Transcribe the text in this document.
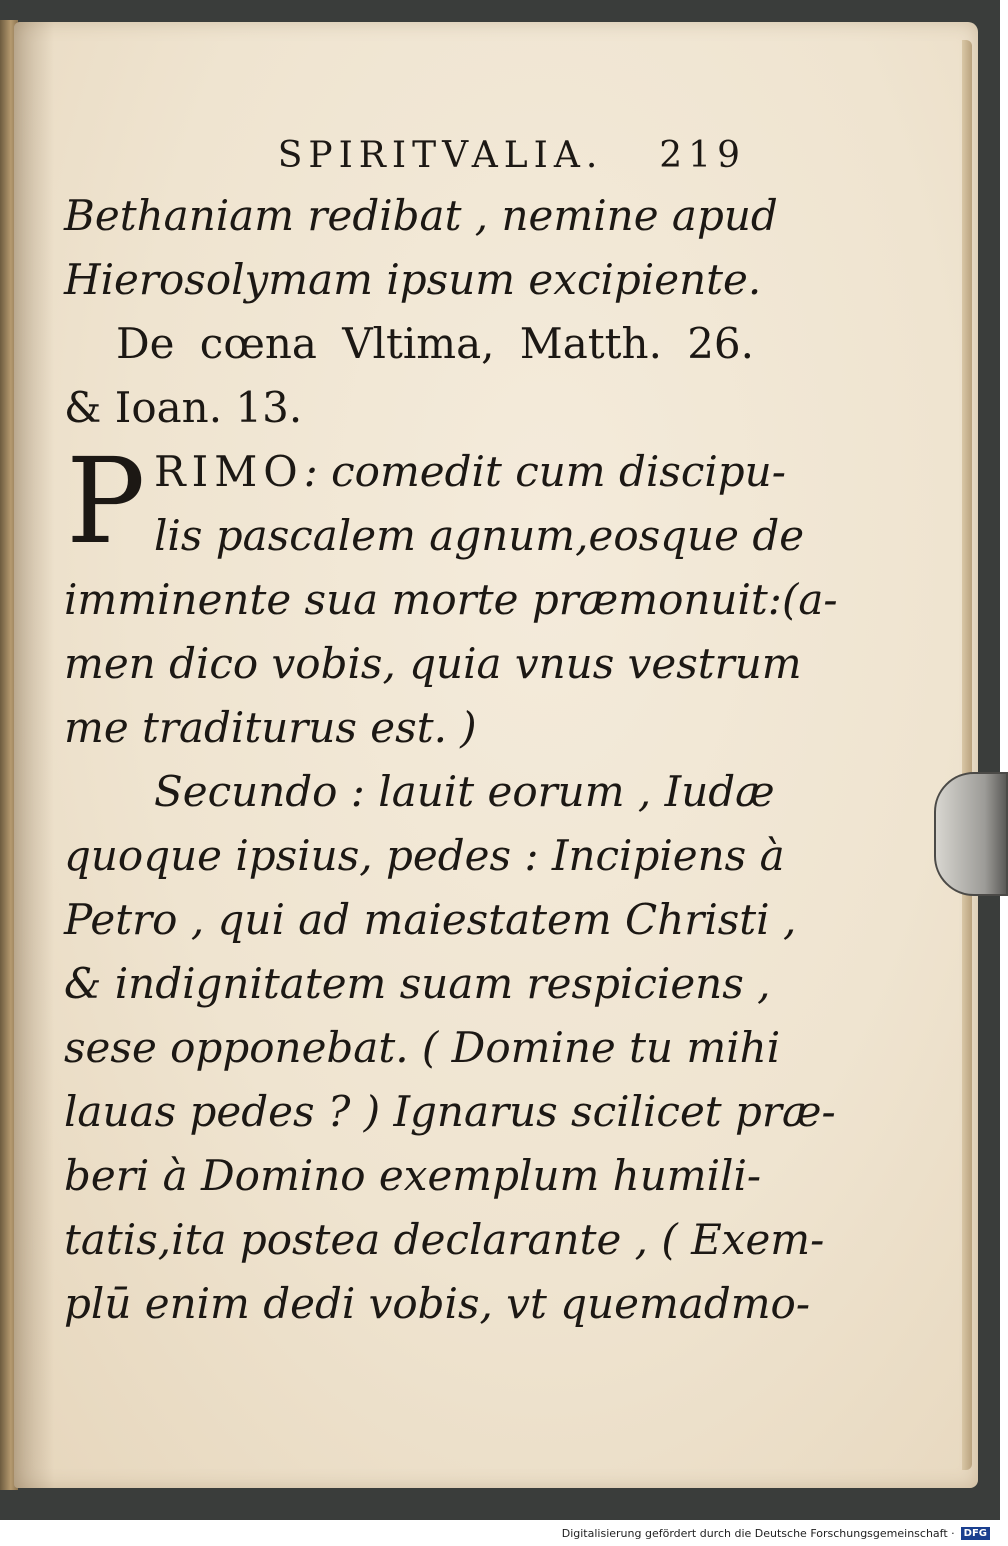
SPIRITVALIA. 219
Bethaniam redibat , nemine apud
Hierosolymam ipsum excipiente.
De cœna Vltima, Matth. 26.
& Ioan. 13.
P RIMO: comedit cum discipu-
lis pascalem agnum,eosque de
imminente sua morte præmonuit:(a-
men dico vobis, quia vnus vestrum
me traditurus est. )
Secundo : lauit eorum , Iudæ
quoque ipsius, pedes : Incipiens à
Petro , qui ad maiestatem Christi ,
& indignitatem suam respiciens ,
sese opponebat. ( Domine tu mihi
lauas pedes ? ) Ignarus scilicet præ-
beri à Domino exemplum humili-
tatis,ita postea declarante , ( Exem-
plū enim dedi vobis, vt quemadmo-
Digitalisierung gefördert durch die Deutsche Forschungsgemeinschaft · DFG
